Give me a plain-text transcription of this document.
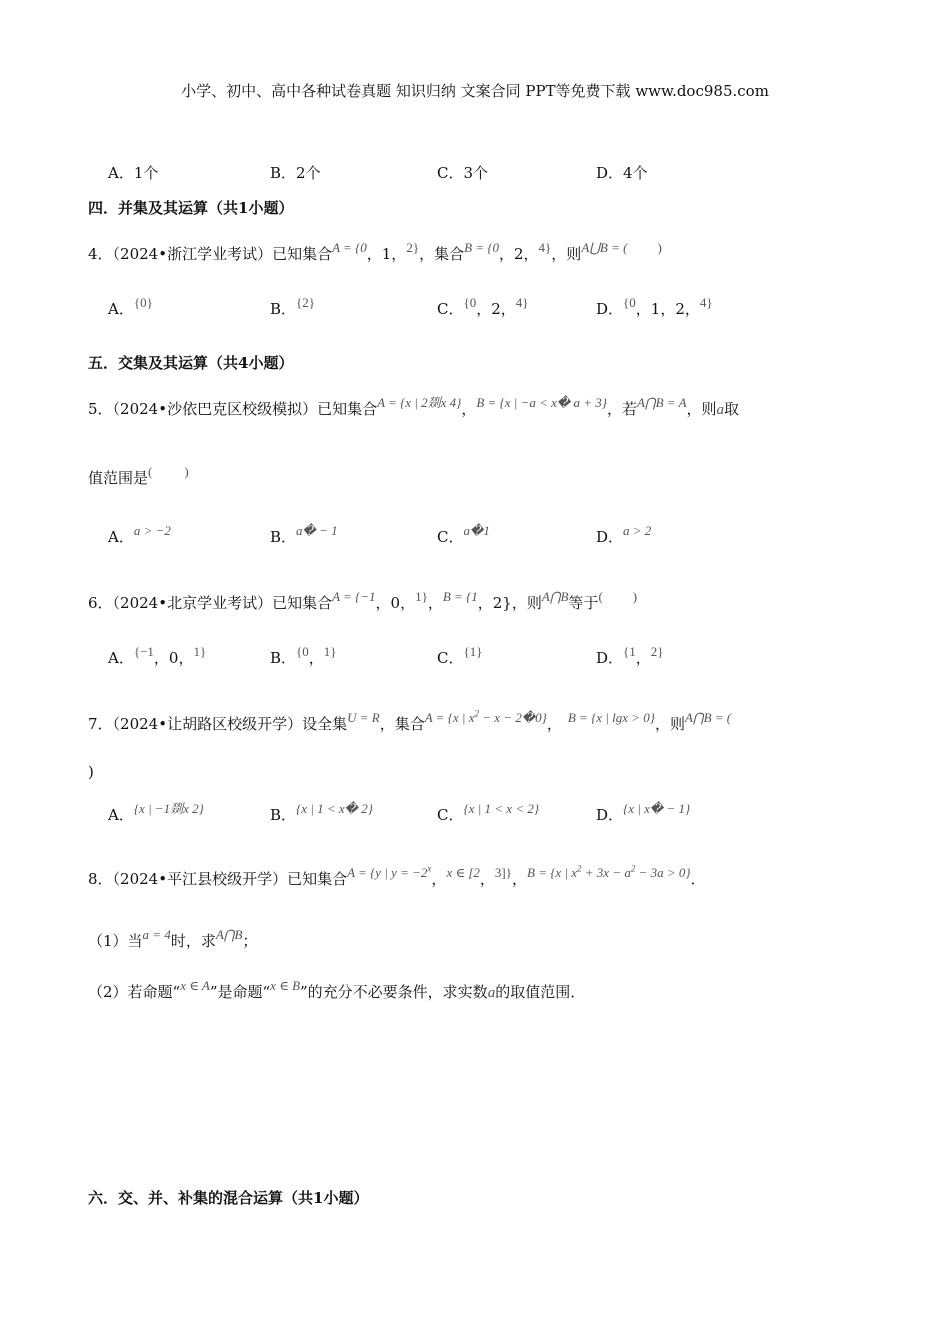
小学、初中、高中各种试卷真题 知识归纳 文案合同 PPT等免费下载 www.doc985.com
A．1个	B．2个	C．3个	D．4个
四．并集及其运算（共1小题）
4．（2024•浙江学业考试）已知集合A = {0，1，2}，集合B = {0，2，4}，则A⋃B = ( )
A．{0}	B．{2}	C．{0，2，4}	D．{0，1，2，4}
五．交集及其运算（共4小题）
5．（2024•沙依巴克区校级模拟）已知集合A = {x | 2剟x 4}，B = {x | −a < x� a + 3}，若A⋂B = A，则a取
值范围是( )
A．a > −2	B．a� − 1	C．a�1	D．a > 2
6．（2024•北京学业考试）已知集合A = {−1，0，1}，B = {1，2}，则A⋂B等于( )
A．{−1，0，1}	B．{0，1}	C．{1}	D．{1，2}
7．（2024•让胡路区校级开学）设全集U = R，集合A = {x | $x^2 - x$ − 2�0}， B = {x | lgx > 0}，则A⋂B = (
)
A．{x | −1剟x 2}	B．{x | 1 < x� 2}	C．{x | 1 < x < 2}	D．{x | x� − 1}
8．（2024•平江县校级开学）已知集合A = {y | $y = -2^x$，x ∈ [2，3]}，B = {x | $x^2 + 3x - a^2 - 3a > 0$}．
（1）当a = 4时，求A⋂B；
（2）若命题“x ∈ A”是命题“x ∈ B”的充分不必要条件，求实数a的取值范围．
六．交、并、补集的混合运算（共1小题）
